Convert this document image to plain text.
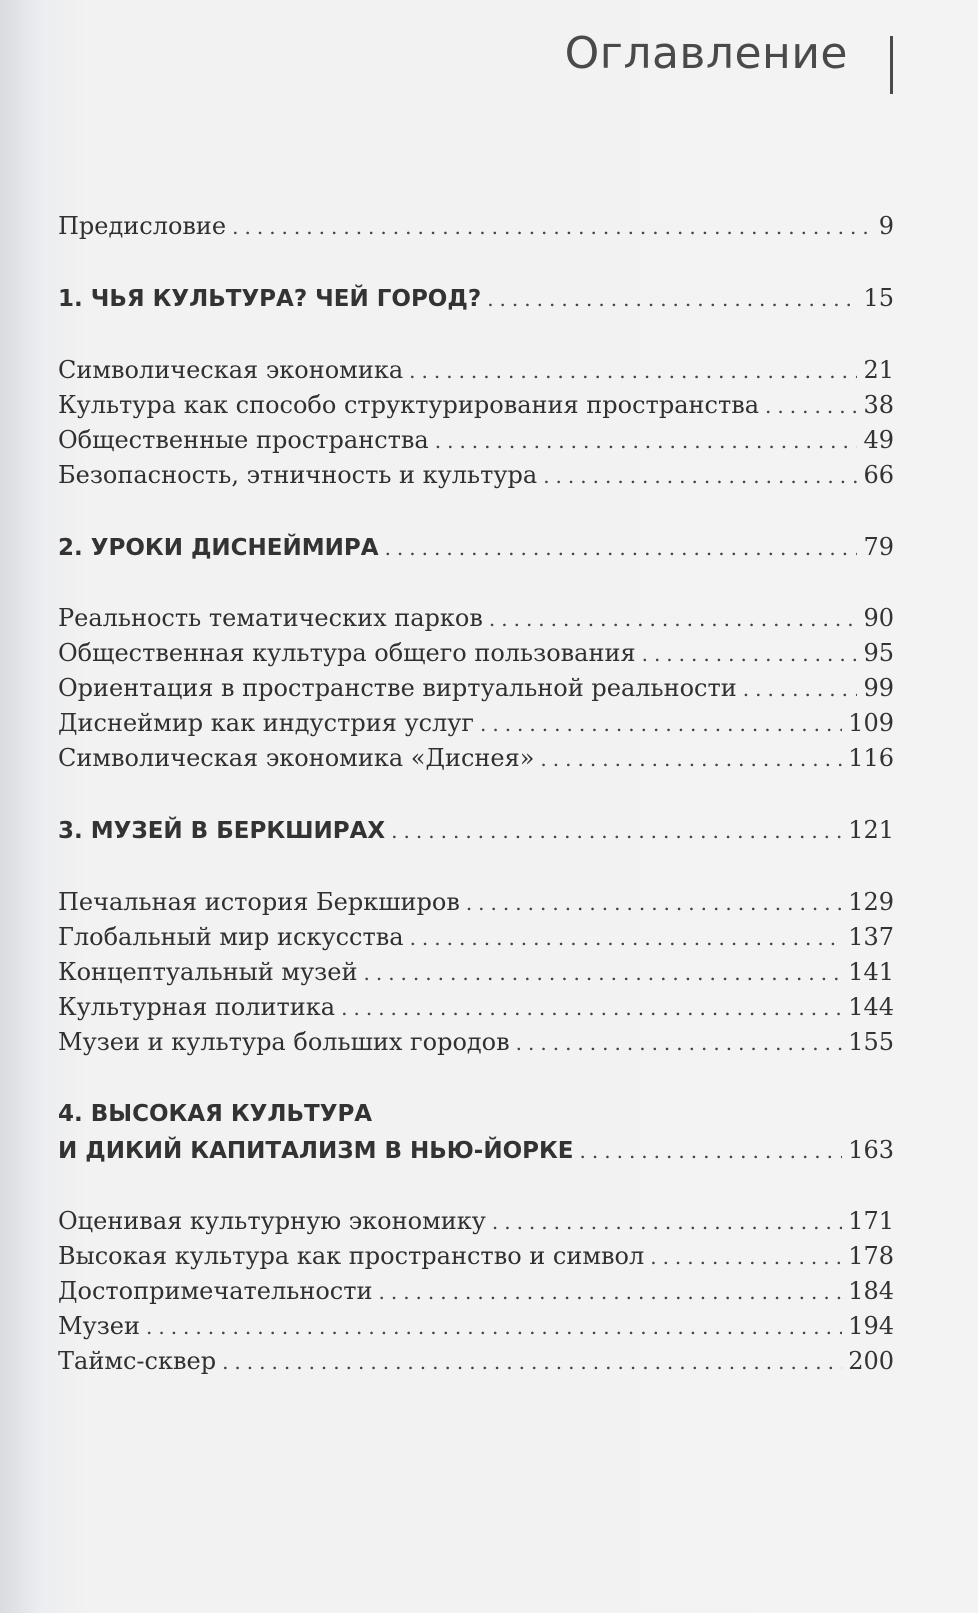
Оглавление
Предисловие .....	9
1. ЧЬЯ КУЛЬТУРА? ЧЕЙ ГОРОД? .....	15
Символическая экономика .....	21
Культура как способо структурирования пространства .....	38
Общественные пространства .....	49
Безопасность, этничность и культура .....	66
2. УРОКИ ДИСНЕЙМИРА .....	79
Реальность тематических парков .....	90
Общественная культура общего пользования .....	95
Ориентация в пространстве виртуальной реальности .....	99
Диснеймир как индустрия услуг .....	109
Символическая экономика «Диснея» .....	116
3. МУЗЕЙ В БЕРКШИРАХ .....	121
Печальная история Беркширов .....	129
Глобальный мир искусства .....	137
Концептуальный музей .....	141
Культурная политика .....	144
Музеи и культура больших городов .....	155
4. ВЫСОКАЯ КУЛЬТУРА
И ДИКИЙ КАПИТАЛИЗМ В НЬЮ-ЙОРКЕ .....	163
Оценивая культурную экономику .....	171
Высокая культура как пространство и символ .....	178
Достопримечательности .....	184
Музеи .....	194
Таймс-сквер .....	200
